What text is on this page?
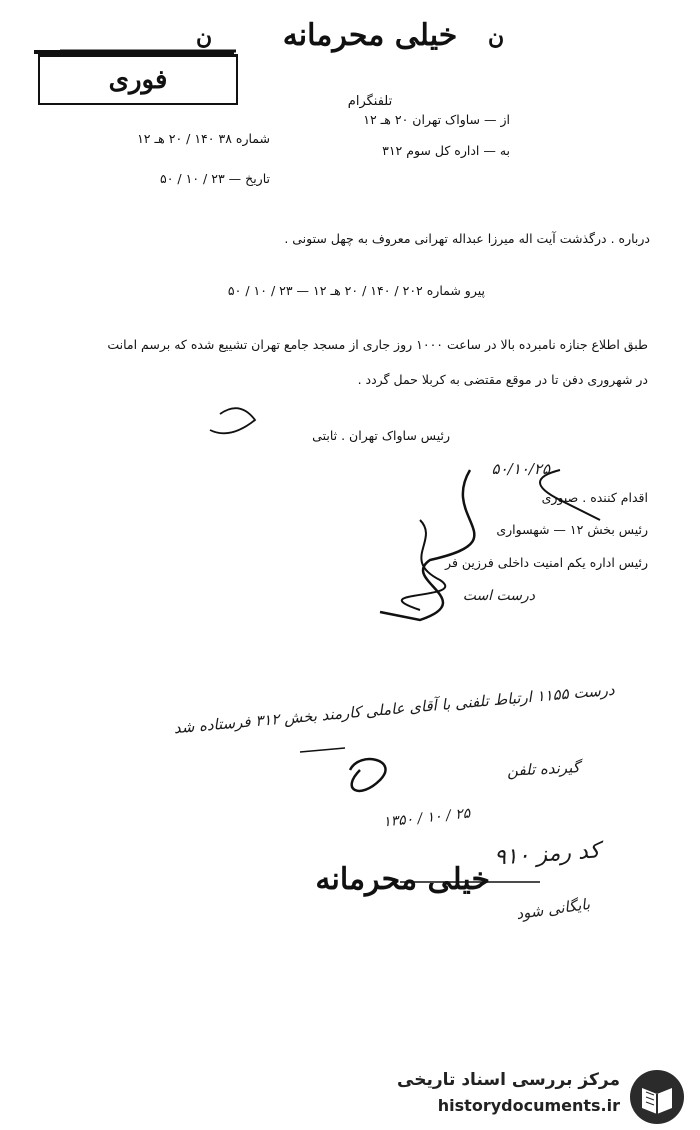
ن	ن
خیلی محرمانه
فوری
تلفنگرام
از — ساواک تهران ۲۰ هـ ۱۲
به — اداره کل سوم ۳۱۲
شماره ۳۸ ۱۴۰ / ۲۰ هـ ۱۲
تاریخ — ۲۳ / ۱۰ / ۵۰
درباره . درگذشت آیت اله میرزا عبداله تهرانی معروف به چهل ستونی .
پیرو شماره ۲۰۲ / ۱۴۰ / ۲۰ هـ ۱۲ — ۲۳ / ۱۰ / ۵۰
طبق اطلاع جنازه نامبرده بالا در ساعت ۱۰۰۰ روز جاری از مسجد جامع تهران تشییع شده که برسم امانت
در شهروری دفن تا در موقع مقتضی به کربلا حمل گردد .
رئیس ساواک تهران . ثابتی
۵۰/۱۰/۲۵
اقدام کننده . صبوری
رئیس بخش ۱۲ — شهسواری
رئیس اداره یکم امنیت داخلی فرزین فر
درست است
درست ۱۱۵۵ ارتباط تلفنی با آقای عاملی کارمند بخش ۳۱۲ فرستاده شد
گیرنده تلفن
۲۵ / ۱۰ / ۱۳۵۰
کد رمز ۹۱۰
خیلی محرمانه
بایگانی شود
مرکز بررسی اسناد تاریخی
historydocuments.ir
